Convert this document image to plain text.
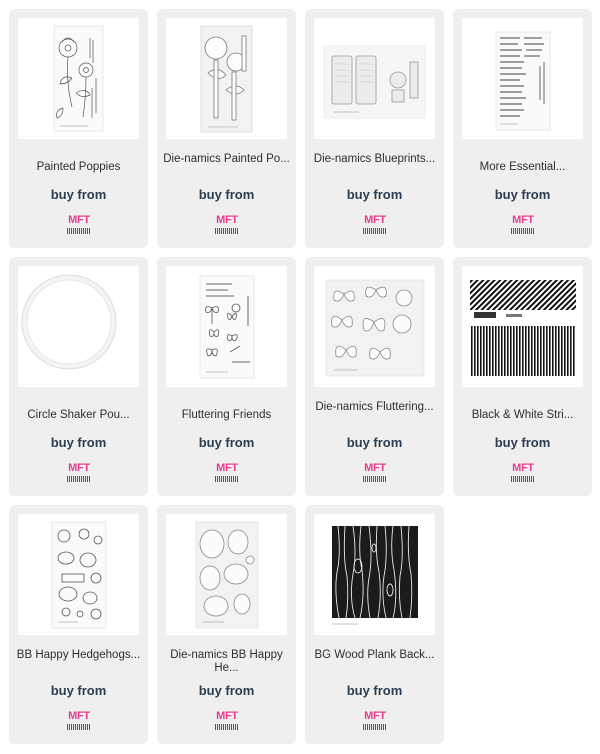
Painted Poppies
buy from
MFT
Die-namics Painted Po...
buy from
MFT
Die-namics Blueprints...
buy from
MFT
More Essential...
buy from
MFT
Circle Shaker Pou...
buy from
MFT
Fluttering Friends
buy from
MFT
Die-namics Fluttering...
buy from
MFT
Black & White Stri...
buy from
MFT
BB Happy Hedgehogs...
buy from
MFT
Die-namics BB Happy He...
buy from
MFT
BG Wood Plank Back...
buy from
MFT
